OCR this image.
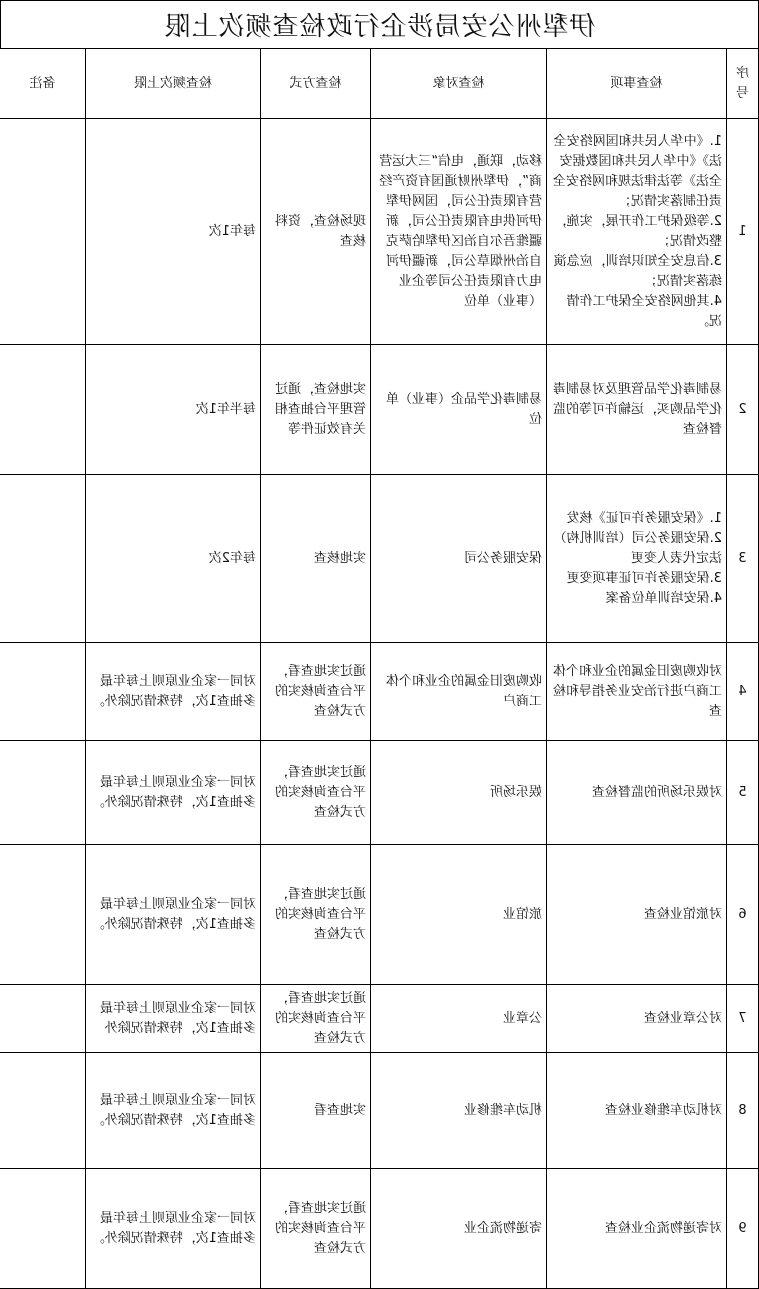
伊犁州公安局涉企行政检查频次上限
序号	检查事项	检查对象	检查方式	检查频次上限	备注
1	1.《中华人民共和国网络安全法》《中华人民共和国数据安全法》等法律法规和网络安全责任制落实情况；
2.等级保护工作开展，实施，整改情况；
3.信息安全知识培训，应急演练落实情况；
4.其他网络安全保护工作情况。	移动，联通，电信“三大运营商”，伊犁州财通国有资产经营有限责任公司，国网伊犁伊河供电有限责任公司，新疆维吾尔自治区伊犁哈萨克自治州烟草公司，新疆伊河电力有限责任公司等企业（事业）单位	现场检查，资料核查	每年1次	
2	易制毒化学品管理及对易制毒化学品购买，运输许可等的监督检查	易制毒化学品企（事业）单位	实地检查，通过管理平台抽查相关有效证件等	每半年1次	
3	1.《保安服务许可证》核发
2.保安服务公司（培训机构）法定代表人变更
3.保安服务许可证事项变更
4.保安培训单位备案	保安服务公司	实地核查	每年2次	
4	对收购废旧金属的企业和个体工商户进行治安业务指导和检查	收购废旧金属的企业和个体工商户	通过实地查看，平台查询核实的方式检查	对同一家企业原则上每年最多抽查1次，特殊情况除外。	
5	对娱乐场所的监督检查	娱乐场所	通过实地查看，平台查询核实的方式检查	对同一家企业原则上每年最多抽查1次，特殊情况除外。	
6	对旅馆业检查	旅馆业	通过实地查看，平台查询核实的方式检查	对同一家企业原则上每年最多抽查1次，特殊情况除外。	
7	对公章业检查	公章业	通过实地查看，平台查询核实的方式检查	对同一家企业原则上每年最多抽查1次，特殊情况除外	
8	对机动车维修业检查	机动车维修业	实地查看	对同一家企业原则上每年最多抽查1次，特殊情况除外。	
9	对寄递物流企业检查	寄递物流企业	通过实地查看，平台查询核实的方式检查	对同一家企业原则上每年最多抽查1次，特殊情况除外。	
